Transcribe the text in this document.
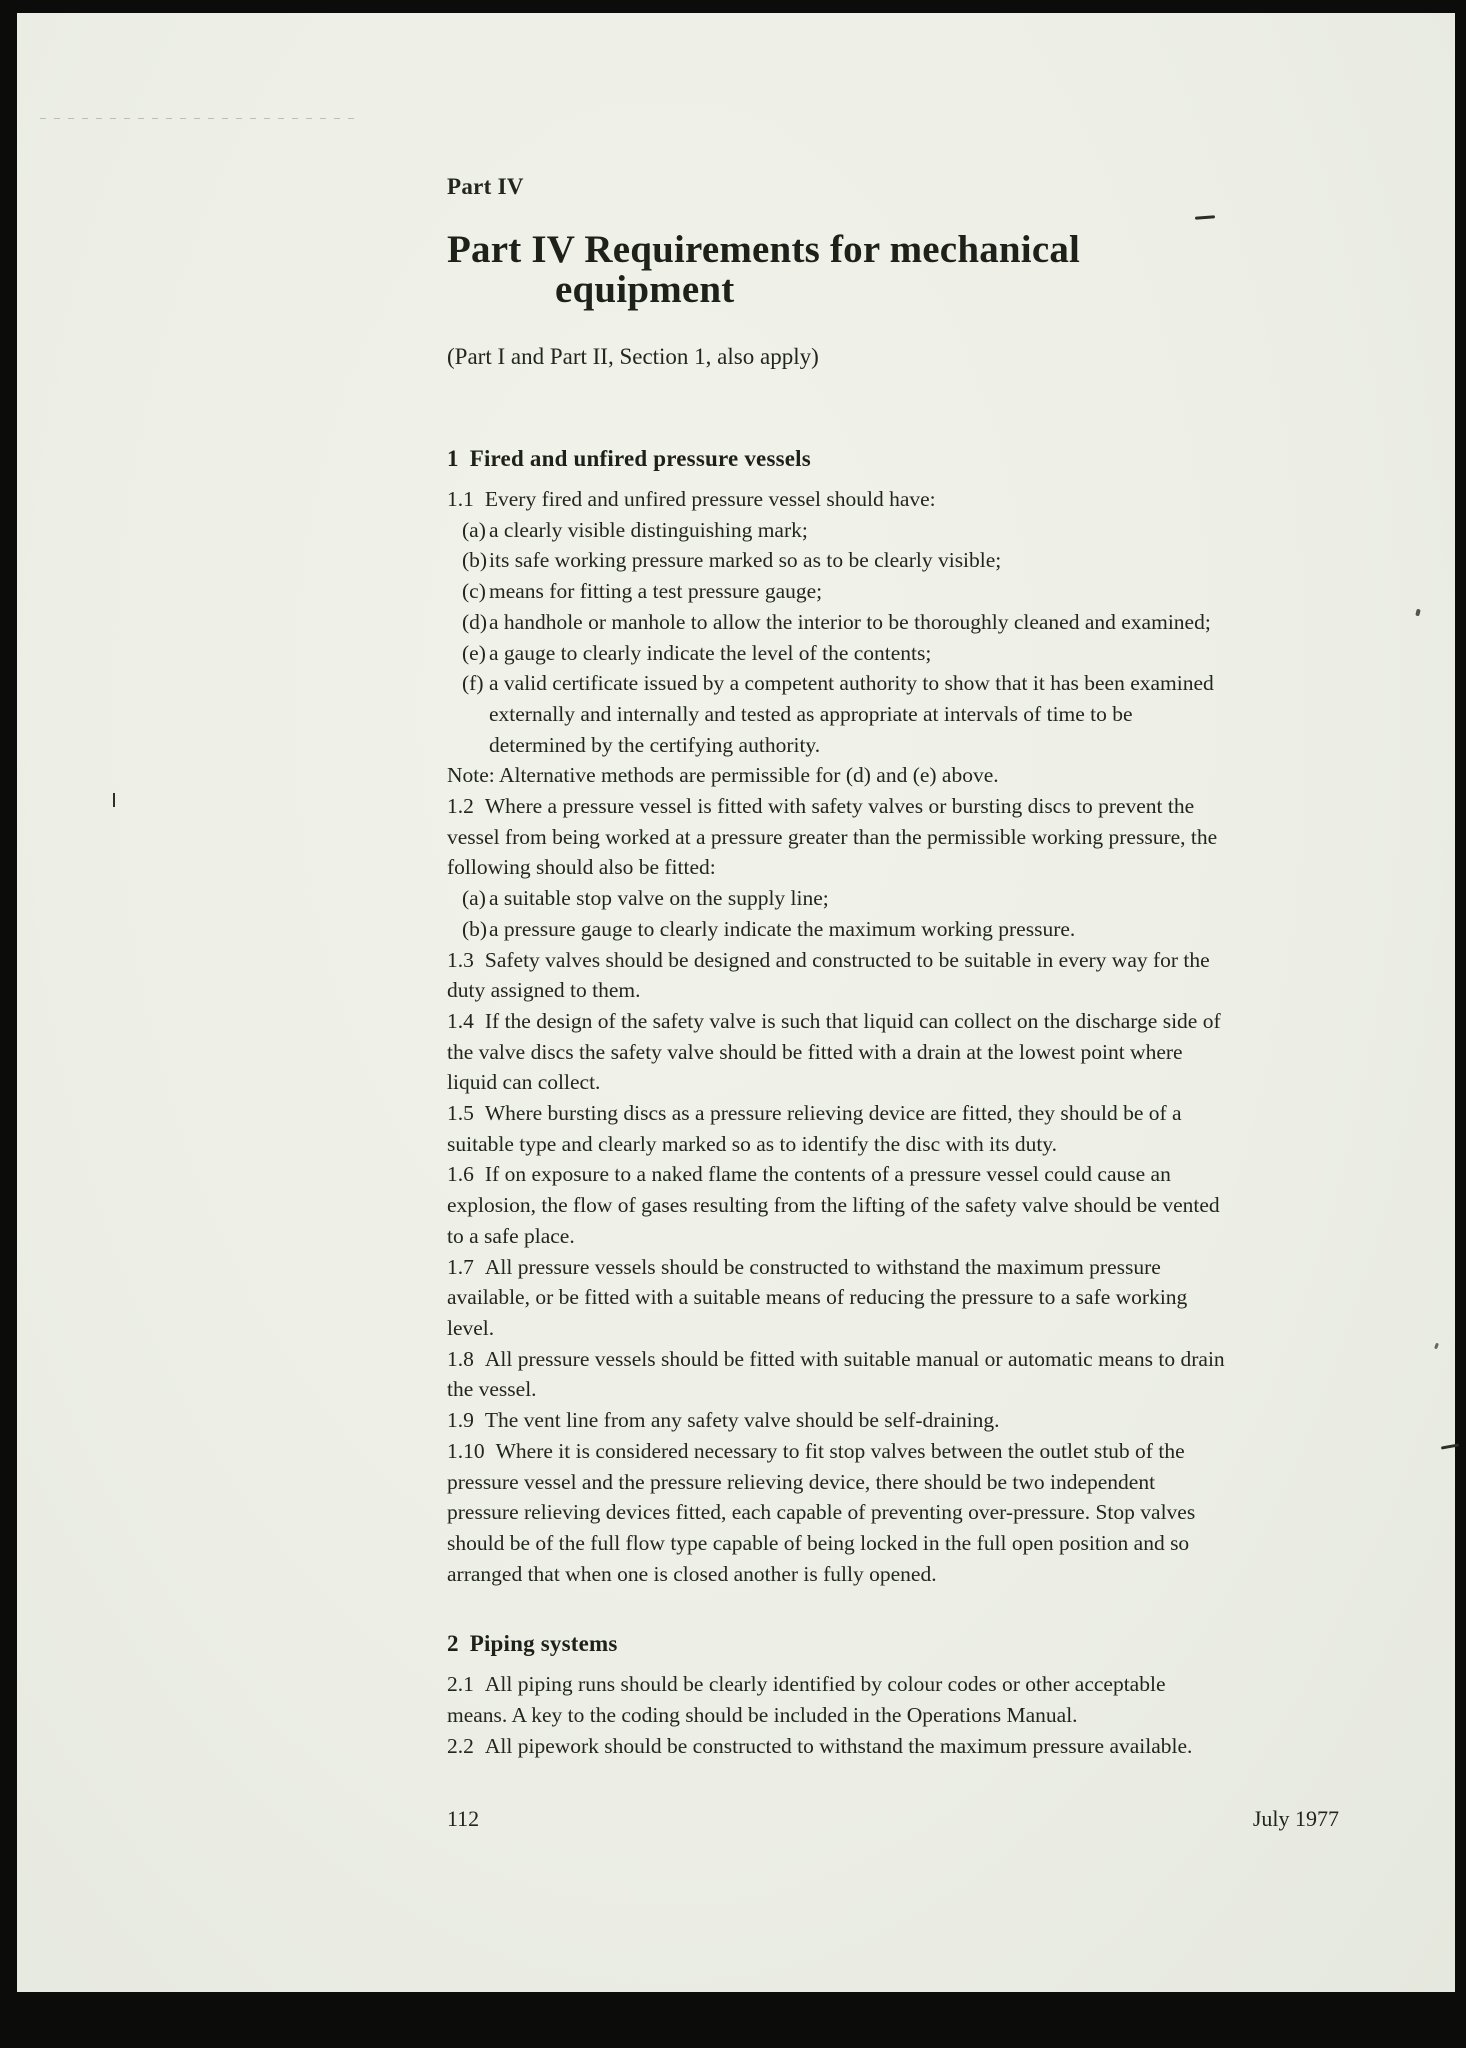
Part IV

Part IV Requirements for mechanical
equipment

(Part I and Part II, Section 1, also apply)

1 Fired and unfired pressure vessels

1.1 Every fired and unfired pressure vessel should have:

(a) a clearly visible distinguishing mark;
(b) its safe working pressure marked so as to be clearly visible;
(c) means for fitting a test pressure gauge;
(d) a handhole or manhole to allow the interior to be thoroughly cleaned and examined;
(e) a gauge to clearly indicate the level of the contents;
(f) a valid certificate issued by a competent authority to show that it has been examined externally and internally and tested as appropriate at intervals of time to be determined by the certifying authority.

Note: Alternative methods are permissible for (d) and (e) above.

1.2 Where a pressure vessel is fitted with safety valves or bursting discs to prevent the vessel from being worked at a pressure greater than the permissible working pressure, the following should also be fitted:

(a) a suitable stop valve on the supply line;
(b) a pressure gauge to clearly indicate the maximum working pressure.

1.3 Safety valves should be designed and constructed to be suitable in every way for the duty assigned to them.

1.4 If the design of the safety valve is such that liquid can collect on the discharge side of the valve discs the safety valve should be fitted with a drain at the lowest point where liquid can collect.

1.5 Where bursting discs as a pressure relieving device are fitted, they should be of a suitable type and clearly marked so as to identify the disc with its duty.

1.6 If on exposure to a naked flame the contents of a pressure vessel could cause an explosion, the flow of gases resulting from the lifting of the safety valve should be vented to a safe place.

1.7 All pressure vessels should be constructed to withstand the maximum pressure available, or be fitted with a suitable means of reducing the pressure to a safe working level.

1.8 All pressure vessels should be fitted with suitable manual or automatic means to drain the vessel.

1.9 The vent line from any safety valve should be self-draining.

1.10 Where it is considered necessary to fit stop valves between the outlet stub of the pressure vessel and the pressure relieving device, there should be two independent pressure relieving devices fitted, each capable of preventing over-pressure. Stop valves should be of the full flow type capable of being locked in the full open position and so arranged that when one is closed another is fully opened.

2 Piping systems

2.1 All piping runs should be clearly identified by colour codes or other acceptable means. A key to the coding should be included in the Operations Manual.

2.2 All pipework should be constructed to withstand the maximum pressure available.

112	July 1977
